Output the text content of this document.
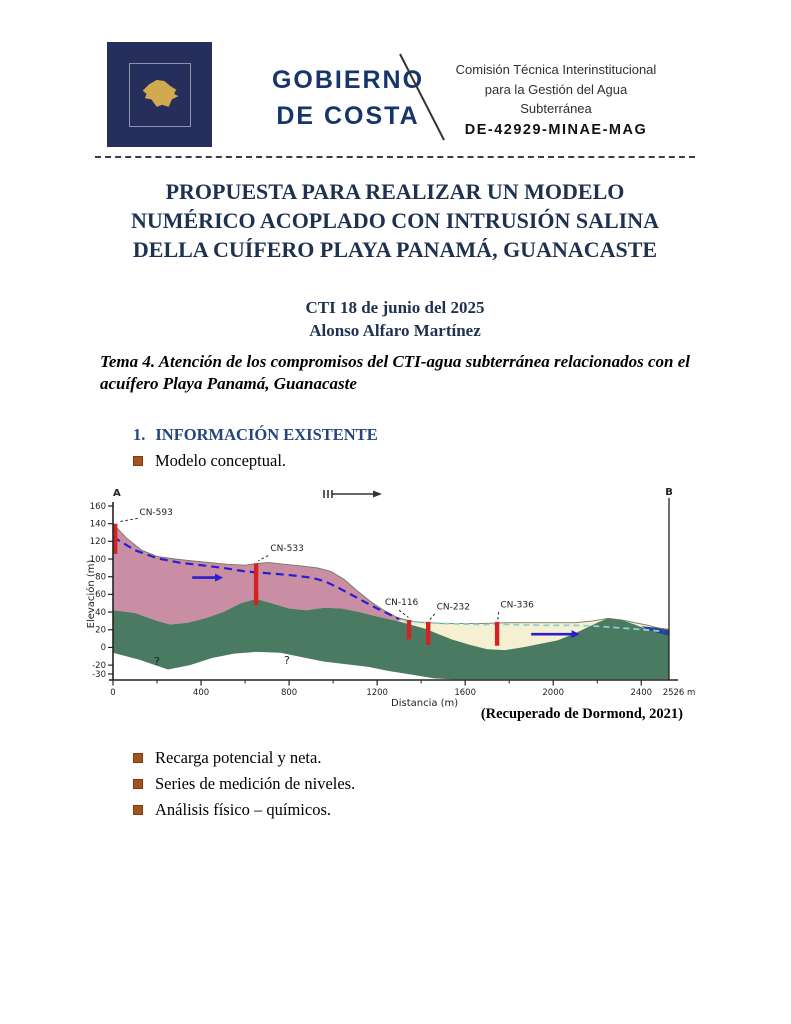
GOBIERNO
DE COSTA
Comisión Técnica Interinstitucional
para la Gestión del Agua
Subterránea
DE-42929-MINAE-MAG
PROPUESTA PARA REALIZAR UN MODELO
NUMÉRICO ACOPLADO CON INTRUSIÓN SALINA
DELLA CUÍFERO PLAYA PANAMÁ, GUANACASTE
CTI 18 de junio del 2025
Alonso Alfaro Martínez
Tema 4. Atención de los compromisos del CTI-agua subterránea relacionados con el acuífero Playa Panamá, Guanacaste
1. INFORMACIÓN EXISTENTE
Modelo conceptual.
CN-593
CN-533
CN-116 CN-232	CN-336
?	?
160
140
120
100
80
60
40
20
0
-20
-30
0	400	800	1200	1600	2000	2400 2526 m
Distancia (m)
Elevación (m)
A	B
(Recuperado de Dormond, 2021)
Recarga potencial y neta.
Series de medición de niveles.
Análisis físico – químicos.
